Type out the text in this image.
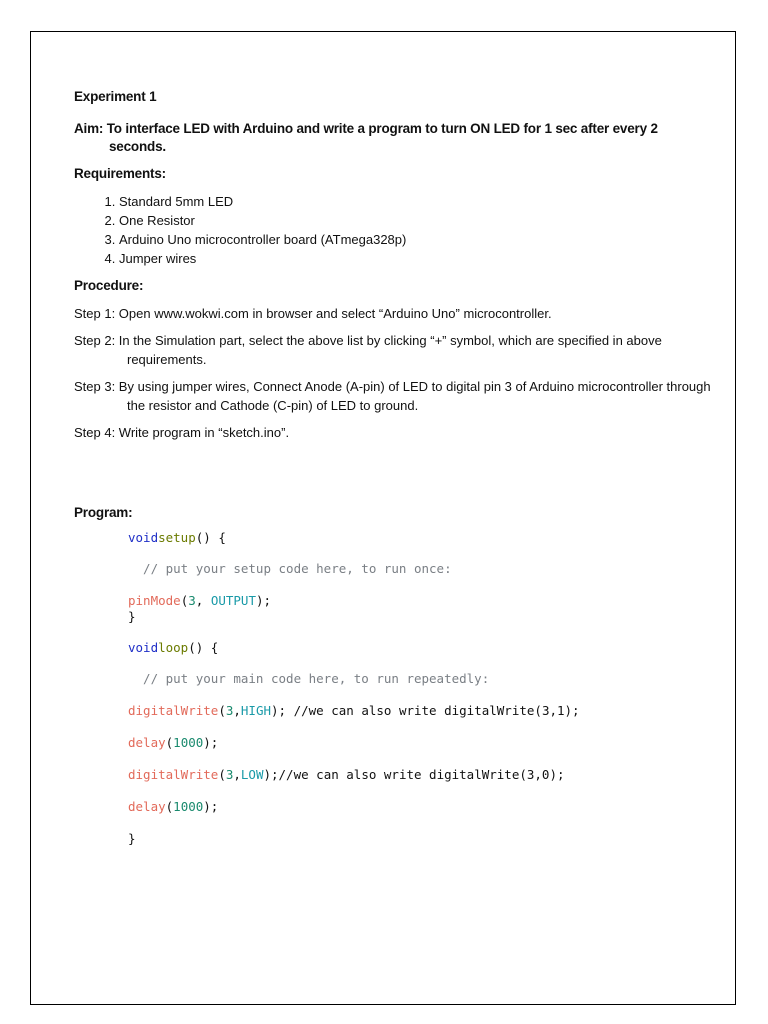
Experiment 1

Aim: To interface LED with Arduino and write a program to turn ON LED for 1 sec after every 2 seconds.

Requirements:

1. Standard 5mm LED
2. One Resistor
3. Arduino Uno microcontroller board (ATmega328p)
4. Jumper wires

Procedure:

Step 1: Open www.wokwi.com in browser and select “Arduino Uno” microcontroller.

Step 2: In the Simulation part, select the above list by clicking “+” symbol, which are specified in above requirements.

Step 3: By using jumper wires, Connect Anode (A-pin) of LED to digital pin 3 of Arduino microcontroller through the resistor and Cathode (C-pin) of LED to ground.

Step 4: Write program in “sketch.ino”.

Program:

voidsetup() {
// put your setup code here, to run once:
pinMode(3, OUTPUT);
}
voidloop() {
// put your main code here, to run repeatedly:
digitalWrite(3,HIGH); //we can also write digitalWrite(3,1);
delay(1000);
digitalWrite(3,LOW);//we can also write digitalWrite(3,0);
delay(1000);
}
